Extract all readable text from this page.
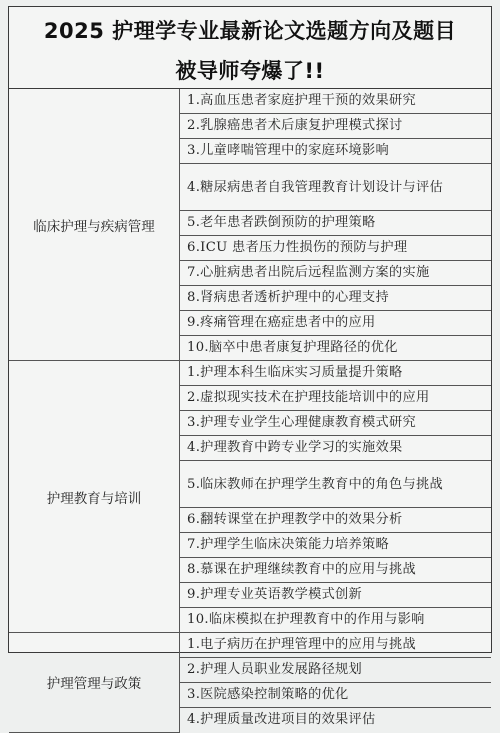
2025 护理学专业最新论文选题方向及题目
被导师夸爆了!!
临床护理与疾病管理	1.高血压患者家庭护理干预的效果研究
	2.乳腺癌患者术后康复护理模式探讨
	3.儿童哮喘管理中的家庭环境影响
	4.糖尿病患者自我管理教育计划设计与评估
	5.老年患者跌倒预防的护理策略
	6.ICU 患者压力性损伤的预防与护理
	7.心脏病患者出院后远程监测方案的实施
	8.肾病患者透析护理中的心理支持
	9.疼痛管理在癌症患者中的应用
	10.脑卒中患者康复护理路径的优化
护理教育与培训	1.护理本科生临床实习质量提升策略
	2.虚拟现实技术在护理技能培训中的应用
	3.护理专业学生心理健康教育模式研究
	4.护理教育中跨专业学习的实施效果
	5.临床教师在护理学生教育中的角色与挑战
	6.翻转课堂在护理教学中的效果分析
	7.护理学生临床决策能力培养策略
	8.慕课在护理继续教育中的应用与挑战
	9.护理专业英语教学模式创新
	10.临床模拟在护理教育中的作用与影响
护理管理与政策	1.电子病历在护理管理中的应用与挑战
	2.护理人员职业发展路径规划
	3.医院感染控制策略的优化
	4.护理质量改进项目的效果评估
